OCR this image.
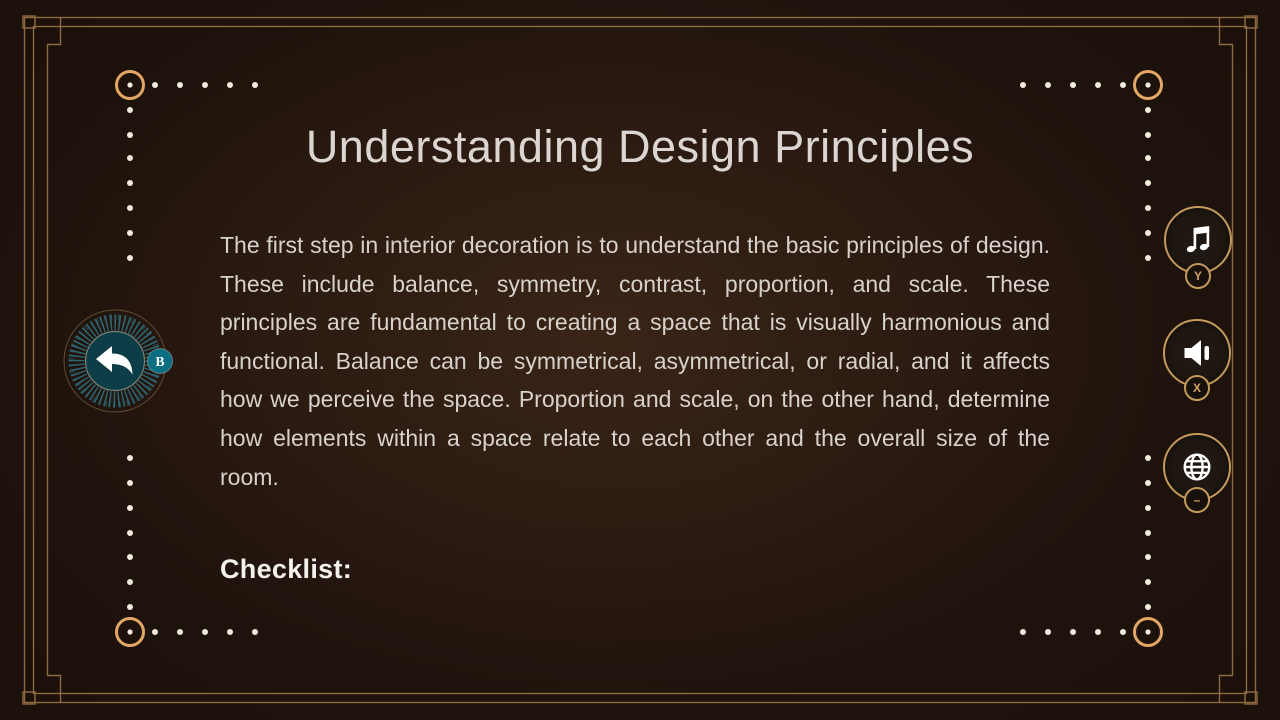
Understanding Design Principles
The first step in interior decoration is to understand the basic principles of design. These include balance, symmetry, contrast, proportion, and scale. These principles are fundamental to creating a space that is visually harmonious and functional. Balance can be symmetrical, asymmetrical, or radial, and it affects how we perceive the space. Proportion and scale, on the other hand, determine how elements within a space relate to each other and the overall size of the room.
Checklist:
B
Y
X
–
